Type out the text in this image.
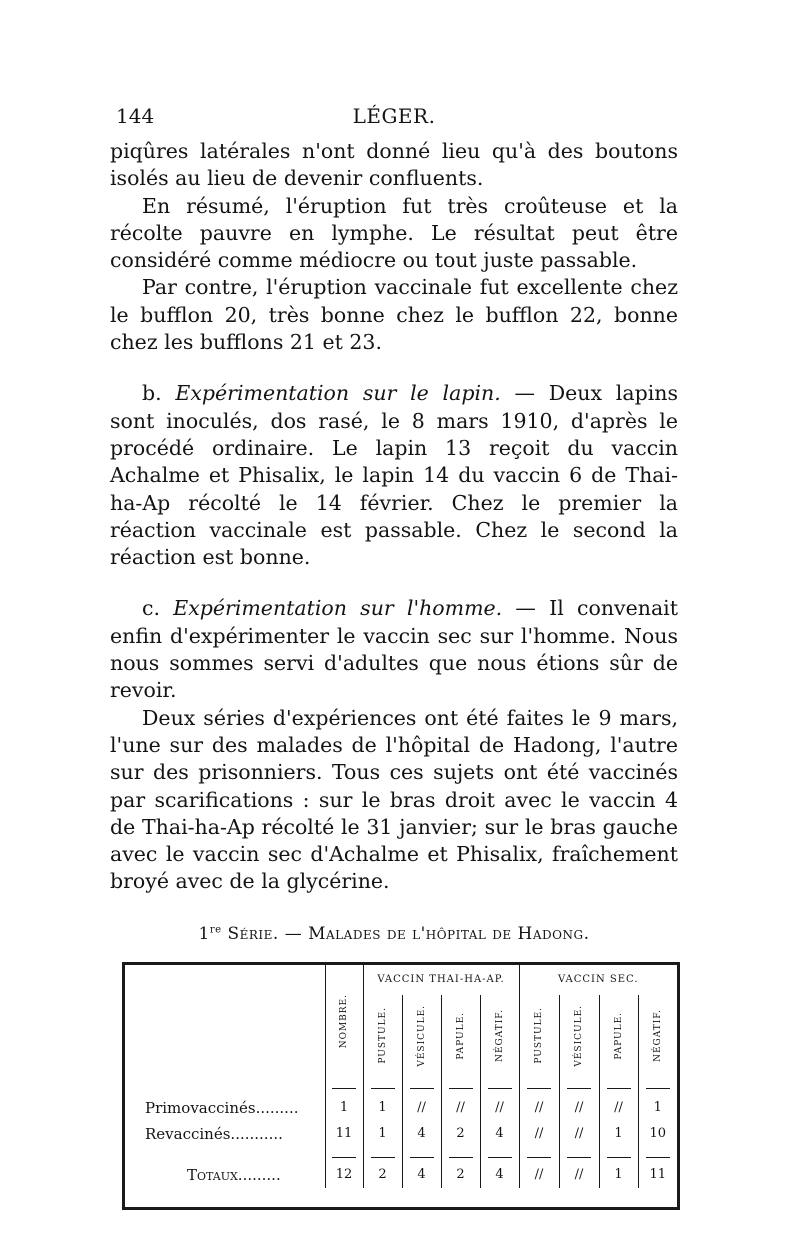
144	LÉGER.

piqûres latérales n'ont donné lieu qu'à des boutons isolés au lieu de devenir confluents.

En résumé, l'éruption fut très croûteuse et la récolte pauvre en lymphe. Le résultat peut être considéré comme médiocre ou tout juste passable.

Par contre, l'éruption vaccinale fut excellente chez le bufflon 20, très bonne chez le bufflon 22, bonne chez les bufflons 21 et 23.

b. Expérimentation sur le lapin. — Deux lapins sont inoculés, dos rasé, le 8 mars 1910, d'après le procédé ordinaire. Le lapin 13 reçoit du vaccin Achalme et Phisalix, le lapin 14 du vaccin 6 de Thai-ha-Ap récolté le 14 février. Chez le premier la réaction vaccinale est passable. Chez le second la réaction est bonne.

c. Expérimentation sur l'homme. — Il convenait enfin d'expérimenter le vaccin sec sur l'homme. Nous nous sommes servi d'adultes que nous étions sûr de revoir.

Deux séries d'expériences ont été faites le 9 mars, l'une sur des malades de l'hôpital de Hadong, l'autre sur des prisonniers. Tous ces sujets ont été vaccinés par scarifications : sur le bras droit avec le vaccin 4 de Thai-ha-Ap récolté le 31 janvier; sur le bras gauche avec le vaccin sec d'Achalme et Phisalix, fraîchement broyé avec de la glycérine.

1re Série. — Malades de l'hôpital de Hadong.

	NOMBRE.	VACCIN THAI-HA-AP.				VACCIN SEC.			

		PUSTULE.	VÉSICULE.	PAPULE.	NÉGATIF.	PUSTULE.	VÉSICULE.	PAPULE.	NÉGATIF.

Primovaccinés.........	1	1	//	//	//	//	//	//	1
Revaccinés...........	11	1	4	2	4	//	//	1	10

Totaux.........	12	2	4	2	4	//	//	1	11
